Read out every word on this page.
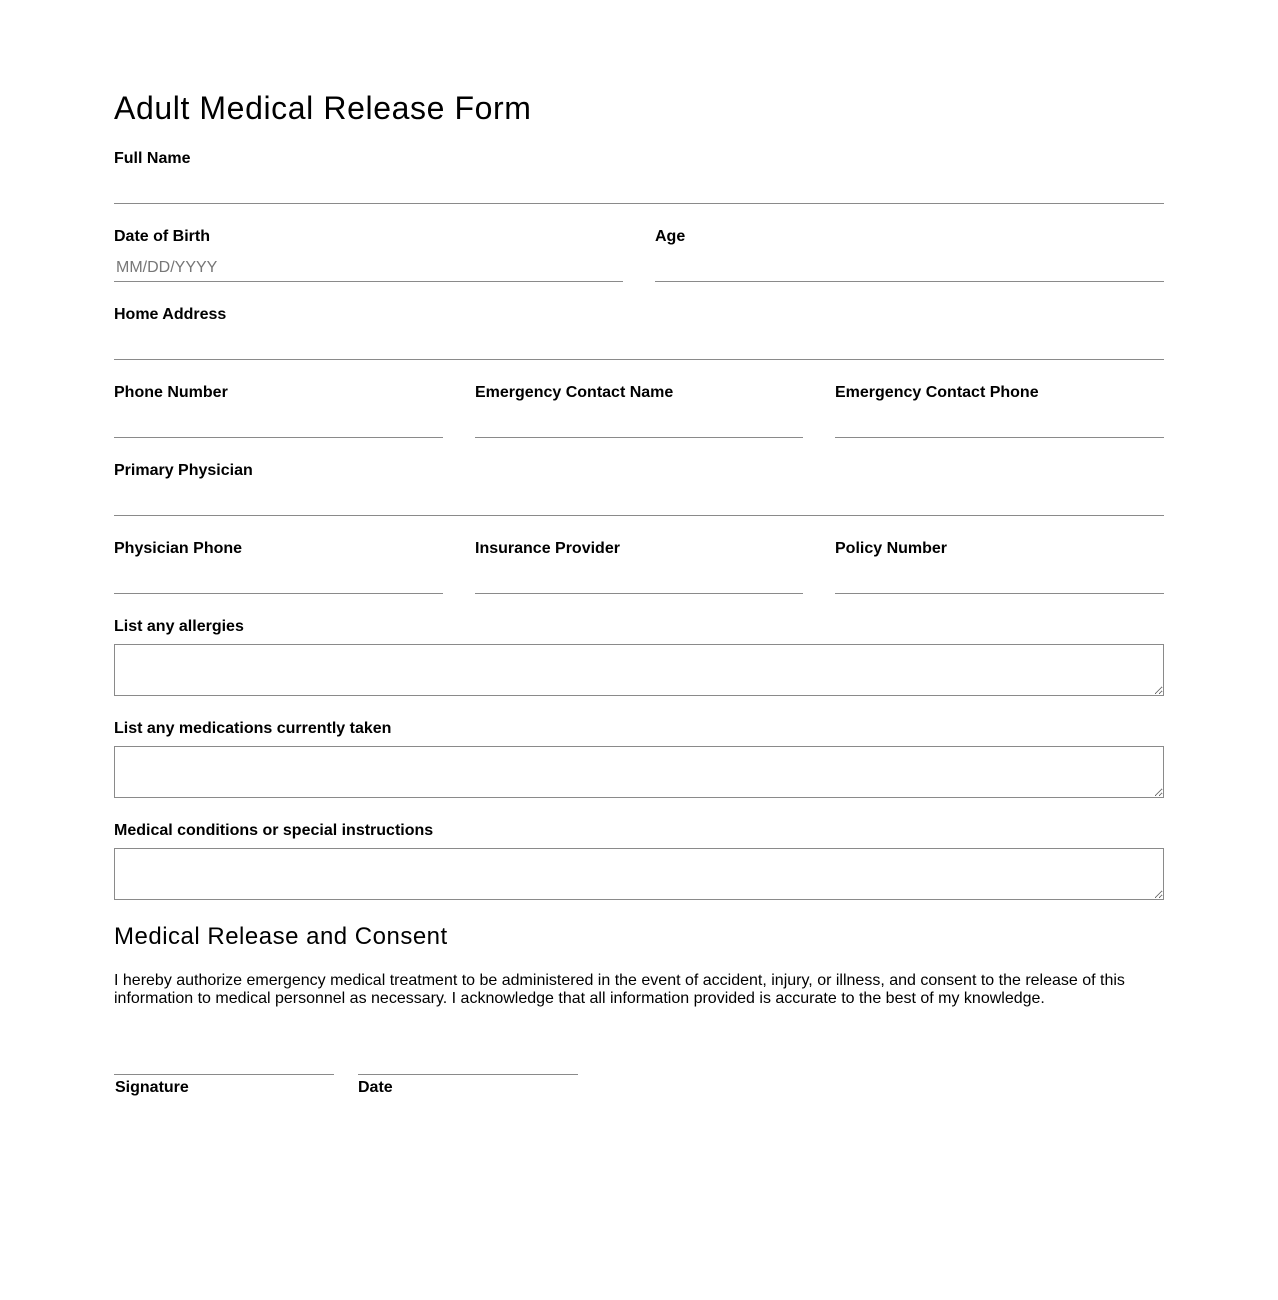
Adult Medical Release Form
Full Name
Date of Birth
MM/DD/YYYY	Age
Home Address
Phone Number	Emergency Contact Name	Emergency Contact Phone
Primary Physician
Physician Phone	Insurance Provider	Policy Number
List any allergies
List any medications currently taken
Medical conditions or special instructions
Medical Release and Consent

I hereby authorize emergency medical treatment to be administered in the event of accident, injury, or illness, and consent to the release of this information to medical personnel as necessary. I acknowledge that all information provided is accurate to the best of my knowledge.

Signature	Date
